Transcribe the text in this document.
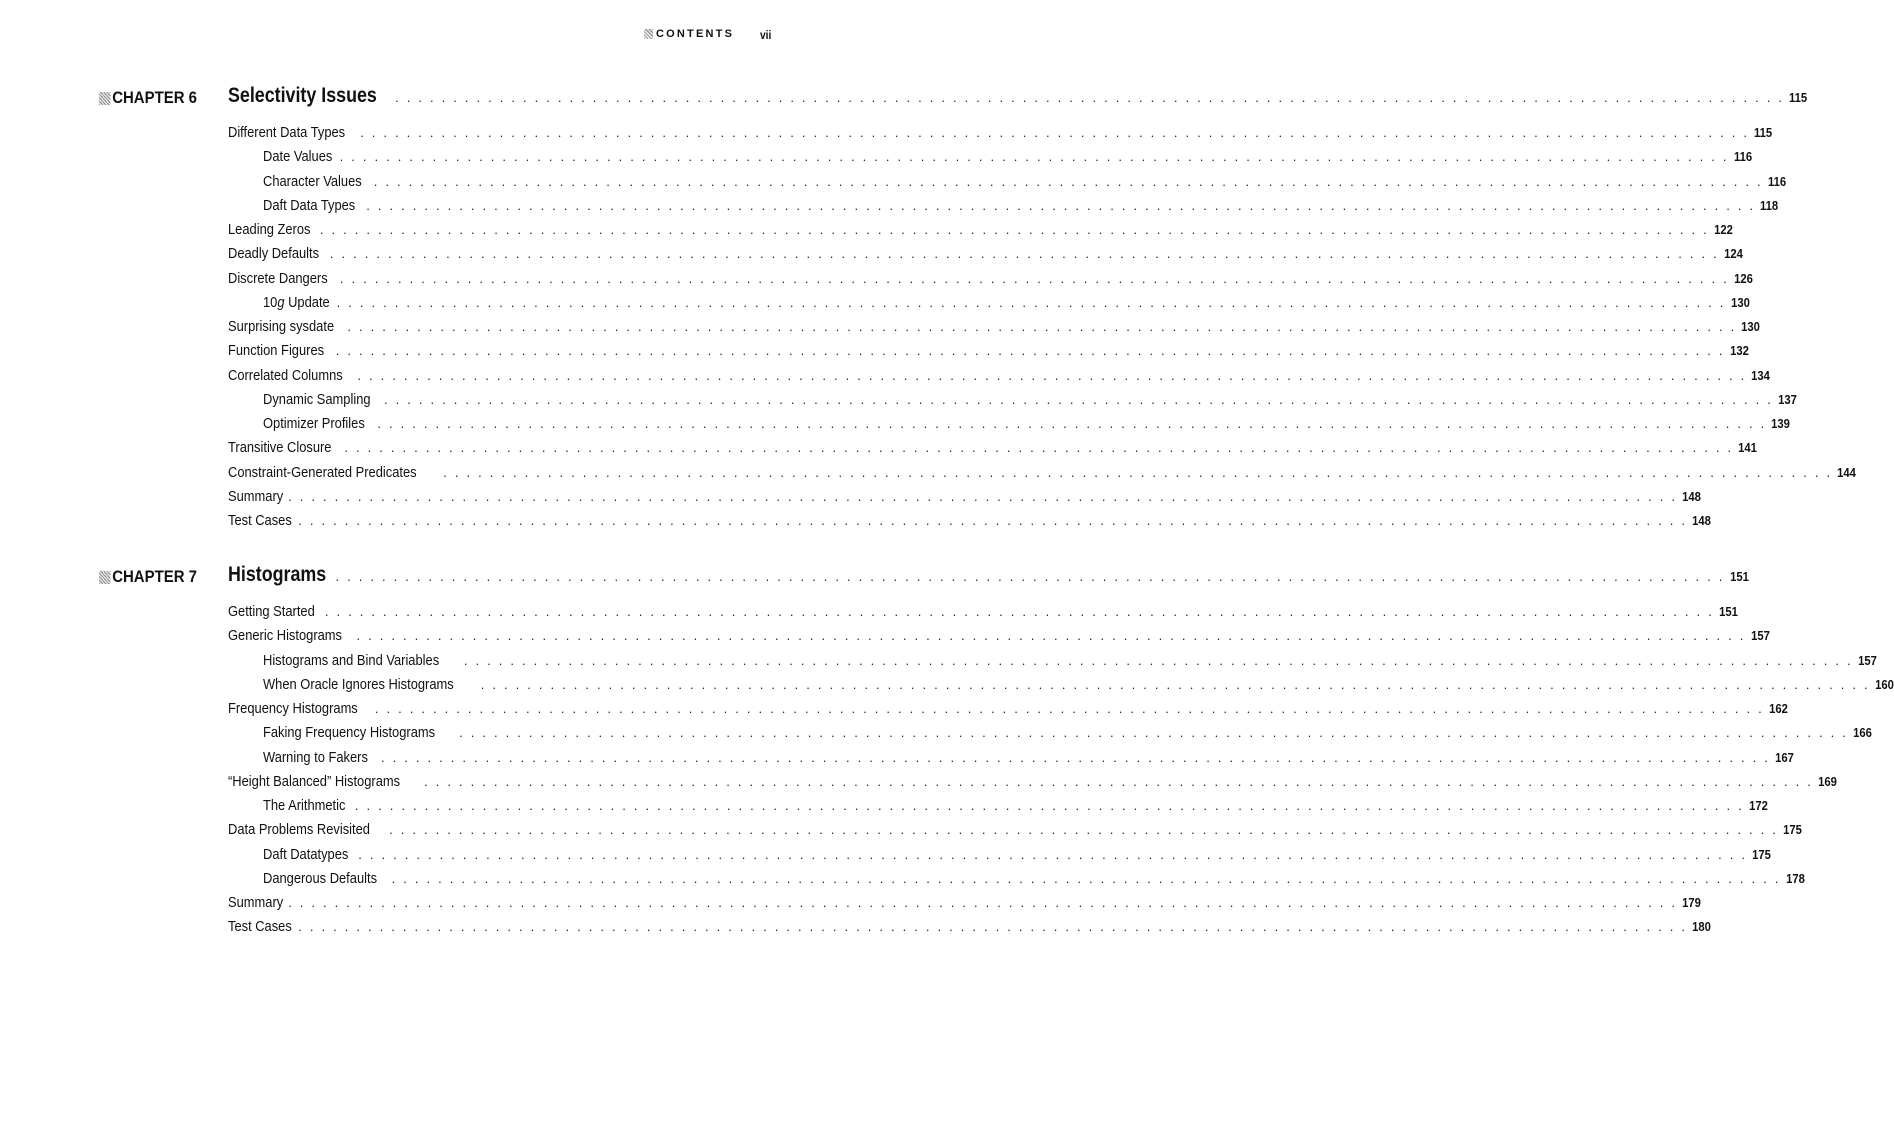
CONTENTS vii
CHAPTER 6 Selectivity Issues . . . . . . . . . . . . . . . . . . . . . . . . . . . . . . . . . . . . . . . . . . . . . . . . . . . . . . . . . . . . . . . . . . . . . . . . . . . . . . . . . . . . . . . . . . . . . . . . . . . . . . . . . . . . . . . . . . . . . . . . 115
Different Data Types . . . . . . . . . . . . . . . . . . . . . . . . . . . . . . . . . . . . . . . . . . . . . . . . . . . . . . . . . . . . . . . . . . . . . . . . . . . . . . . . . . . . . . . . . . . . . . . . . . . . . . . . . . . . . . . . . . . . . . . . 115
Date Values . . . . . . . . . . . . . . . . . . . . . . . . . . . . . . . . . . . . . . . . . . . . . . . . . . . . . . . . . . . . . . . . . . . . . . . . . . . . . . . . . . . . . . . . . . . . . . . . . . . . . . . . . . . . . . . . . . . . . . . . 116
Character Values . . . . . . . . . . . . . . . . . . . . . . . . . . . . . . . . . . . . . . . . . . . . . . . . . . . . . . . . . . . . . . . . . . . . . . . . . . . . . . . . . . . . . . . . . . . . . . . . . . . . . . . . . . . . . . . . . . . . . . . . 116
Daft Data Types . . . . . . . . . . . . . . . . . . . . . . . . . . . . . . . . . . . . . . . . . . . . . . . . . . . . . . . . . . . . . . . . . . . . . . . . . . . . . . . . . . . . . . . . . . . . . . . . . . . . . . . . . . . . . . . . . . . . . . . . 118
Leading Zeros . . . . . . . . . . . . . . . . . . . . . . . . . . . . . . . . . . . . . . . . . . . . . . . . . . . . . . . . . . . . . . . . . . . . . . . . . . . . . . . . . . . . . . . . . . . . . . . . . . . . . . . . . . . . . . . . . . . . . . . . 122
Deadly Defaults . . . . . . . . . . . . . . . . . . . . . . . . . . . . . . . . . . . . . . . . . . . . . . . . . . . . . . . . . . . . . . . . . . . . . . . . . . . . . . . . . . . . . . . . . . . . . . . . . . . . . . . . . . . . . . . . . . . . . . . . 124
Discrete Dangers . . . . . . . . . . . . . . . . . . . . . . . . . . . . . . . . . . . . . . . . . . . . . . . . . . . . . . . . . . . . . . . . . . . . . . . . . . . . . . . . . . . . . . . . . . . . . . . . . . . . . . . . . . . . . . . . . . . . . . . . 126
10g Update . . . . . . . . . . . . . . . . . . . . . . . . . . . . . . . . . . . . . . . . . . . . . . . . . . . . . . . . . . . . . . . . . . . . . . . . . . . . . . . . . . . . . . . . . . . . . . . . . . . . . . . . . . . . . . . . . . . . . . . . 130
Surprising sysdate . . . . . . . . . . . . . . . . . . . . . . . . . . . . . . . . . . . . . . . . . . . . . . . . . . . . . . . . . . . . . . . . . . . . . . . . . . . . . . . . . . . . . . . . . . . . . . . . . . . . . . . . . . . . . . . . . . . . . . . . 130
Function Figures . . . . . . . . . . . . . . . . . . . . . . . . . . . . . . . . . . . . . . . . . . . . . . . . . . . . . . . . . . . . . . . . . . . . . . . . . . . . . . . . . . . . . . . . . . . . . . . . . . . . . . . . . . . . . . . . . . . . . . . . 132
Correlated Columns . . . . . . . . . . . . . . . . . . . . . . . . . . . . . . . . . . . . . . . . . . . . . . . . . . . . . . . . . . . . . . . . . . . . . . . . . . . . . . . . . . . . . . . . . . . . . . . . . . . . . . . . . . . . . . . . . . . . . . . . 134
Dynamic Sampling . . . . . . . . . . . . . . . . . . . . . . . . . . . . . . . . . . . . . . . . . . . . . . . . . . . . . . . . . . . . . . . . . . . . . . . . . . . . . . . . . . . . . . . . . . . . . . . . . . . . . . . . . . . . . . . . . . . . . . . . 137
Optimizer Profiles . . . . . . . . . . . . . . . . . . . . . . . . . . . . . . . . . . . . . . . . . . . . . . . . . . . . . . . . . . . . . . . . . . . . . . . . . . . . . . . . . . . . . . . . . . . . . . . . . . . . . . . . . . . . . . . . . . . . . . . . 139
Transitive Closure . . . . . . . . . . . . . . . . . . . . . . . . . . . . . . . . . . . . . . . . . . . . . . . . . . . . . . . . . . . . . . . . . . . . . . . . . . . . . . . . . . . . . . . . . . . . . . . . . . . . . . . . . . . . . . . . . . . . . . . . 141
Constraint-Generated Predicates . . . . . . . . . . . . . . . . . . . . . . . . . . . . . . . . . . . . . . . . . . . . . . . . . . . . . . . . . . . . . . . . . . . . . . . . . . . . . . . . . . . . . . . . . . . . . . . . . . . . . . . . . . . . . . . . . . . . . . . . 144
Summary . . . . . . . . . . . . . . . . . . . . . . . . . . . . . . . . . . . . . . . . . . . . . . . . . . . . . . . . . . . . . . . . . . . . . . . . . . . . . . . . . . . . . . . . . . . . . . . . . . . . . . . . . . . . . . . . . . . . . . . . 148
Test Cases . . . . . . . . . . . . . . . . . . . . . . . . . . . . . . . . . . . . . . . . . . . . . . . . . . . . . . . . . . . . . . . . . . . . . . . . . . . . . . . . . . . . . . . . . . . . . . . . . . . . . . . . . . . . . . . . . . . . . . . . 148
CHAPTER 7 Histograms . . . . . . . . . . . . . . . . . . . . . . . . . . . . . . . . . . . . . . . . . . . . . . . . . . . . . . . . . . . . . . . . . . . . . . . . . . . . . . . . . . . . . . . . . . . . . . . . . . . . . . . . . . . . . . . . . . . . . . . . 151
Getting Started . . . . . . . . . . . . . . . . . . . . . . . . . . . . . . . . . . . . . . . . . . . . . . . . . . . . . . . . . . . . . . . . . . . . . . . . . . . . . . . . . . . . . . . . . . . . . . . . . . . . . . . . . . . . . . . . . . . . . . . . 151
Generic Histograms . . . . . . . . . . . . . . . . . . . . . . . . . . . . . . . . . . . . . . . . . . . . . . . . . . . . . . . . . . . . . . . . . . . . . . . . . . . . . . . . . . . . . . . . . . . . . . . . . . . . . . . . . . . . . . . . . . . . . . . . 157
Histograms and Bind Variables . . . . . . . . . . . . . . . . . . . . . . . . . . . . . . . . . . . . . . . . . . . . . . . . . . . . . . . . . . . . . . . . . . . . . . . . . . . . . . . . . . . . . . . . . . . . . . . . . . . . . . . . . . . . . . . . . . . . . . . . 157
When Oracle Ignores Histograms . . . . . . . . . . . . . . . . . . . . . . . . . . . . . . . . . . . . . . . . . . . . . . . . . . . . . . . . . . . . . . . . . . . . . . . . . . . . . . . . . . . . . . . . . . . . . . . . . . . . . . . . . . . . . . . . . . . . . . . . 160
Frequency Histograms . . . . . . . . . . . . . . . . . . . . . . . . . . . . . . . . . . . . . . . . . . . . . . . . . . . . . . . . . . . . . . . . . . . . . . . . . . . . . . . . . . . . . . . . . . . . . . . . . . . . . . . . . . . . . . . . . . . . . . . . 162
Faking Frequency Histograms . . . . . . . . . . . . . . . . . . . . . . . . . . . . . . . . . . . . . . . . . . . . . . . . . . . . . . . . . . . . . . . . . . . . . . . . . . . . . . . . . . . . . . . . . . . . . . . . . . . . . . . . . . . . . . . . . . . . . . . . 166
Warning to Fakers . . . . . . . . . . . . . . . . . . . . . . . . . . . . . . . . . . . . . . . . . . . . . . . . . . . . . . . . . . . . . . . . . . . . . . . . . . . . . . . . . . . . . . . . . . . . . . . . . . . . . . . . . . . . . . . . . . . . . . . . 167
“Height Balanced” Histograms . . . . . . . . . . . . . . . . . . . . . . . . . . . . . . . . . . . . . . . . . . . . . . . . . . . . . . . . . . . . . . . . . . . . . . . . . . . . . . . . . . . . . . . . . . . . . . . . . . . . . . . . . . . . . . . . . . . . . . . . 169
The Arithmetic . . . . . . . . . . . . . . . . . . . . . . . . . . . . . . . . . . . . . . . . . . . . . . . . . . . . . . . . . . . . . . . . . . . . . . . . . . . . . . . . . . . . . . . . . . . . . . . . . . . . . . . . . . . . . . . . . . . . . . . . 172
Data Problems Revisited . . . . . . . . . . . . . . . . . . . . . . . . . . . . . . . . . . . . . . . . . . . . . . . . . . . . . . . . . . . . . . . . . . . . . . . . . . . . . . . . . . . . . . . . . . . . . . . . . . . . . . . . . . . . . . . . . . . . . . . . 175
Daft Datatypes . . . . . . . . . . . . . . . . . . . . . . . . . . . . . . . . . . . . . . . . . . . . . . . . . . . . . . . . . . . . . . . . . . . . . . . . . . . . . . . . . . . . . . . . . . . . . . . . . . . . . . . . . . . . . . . . . . . . . . . . 175
Dangerous Defaults . . . . . . . . . . . . . . . . . . . . . . . . . . . . . . . . . . . . . . . . . . . . . . . . . . . . . . . . . . . . . . . . . . . . . . . . . . . . . . . . . . . . . . . . . . . . . . . . . . . . . . . . . . . . . . . . . . . . . . . . 178
Summary . . . . . . . . . . . . . . . . . . . . . . . . . . . . . . . . . . . . . . . . . . . . . . . . . . . . . . . . . . . . . . . . . . . . . . . . . . . . . . . . . . . . . . . . . . . . . . . . . . . . . . . . . . . . . . . . . . . . . . . . 179
Test Cases . . . . . . . . . . . . . . . . . . . . . . . . . . . . . . . . . . . . . . . . . . . . . . . . . . . . . . . . . . . . . . . . . . . . . . . . . . . . . . . . . . . . . . . . . . . . . . . . . . . . . . . . . . . . . . . . . . . . . . . . 180
